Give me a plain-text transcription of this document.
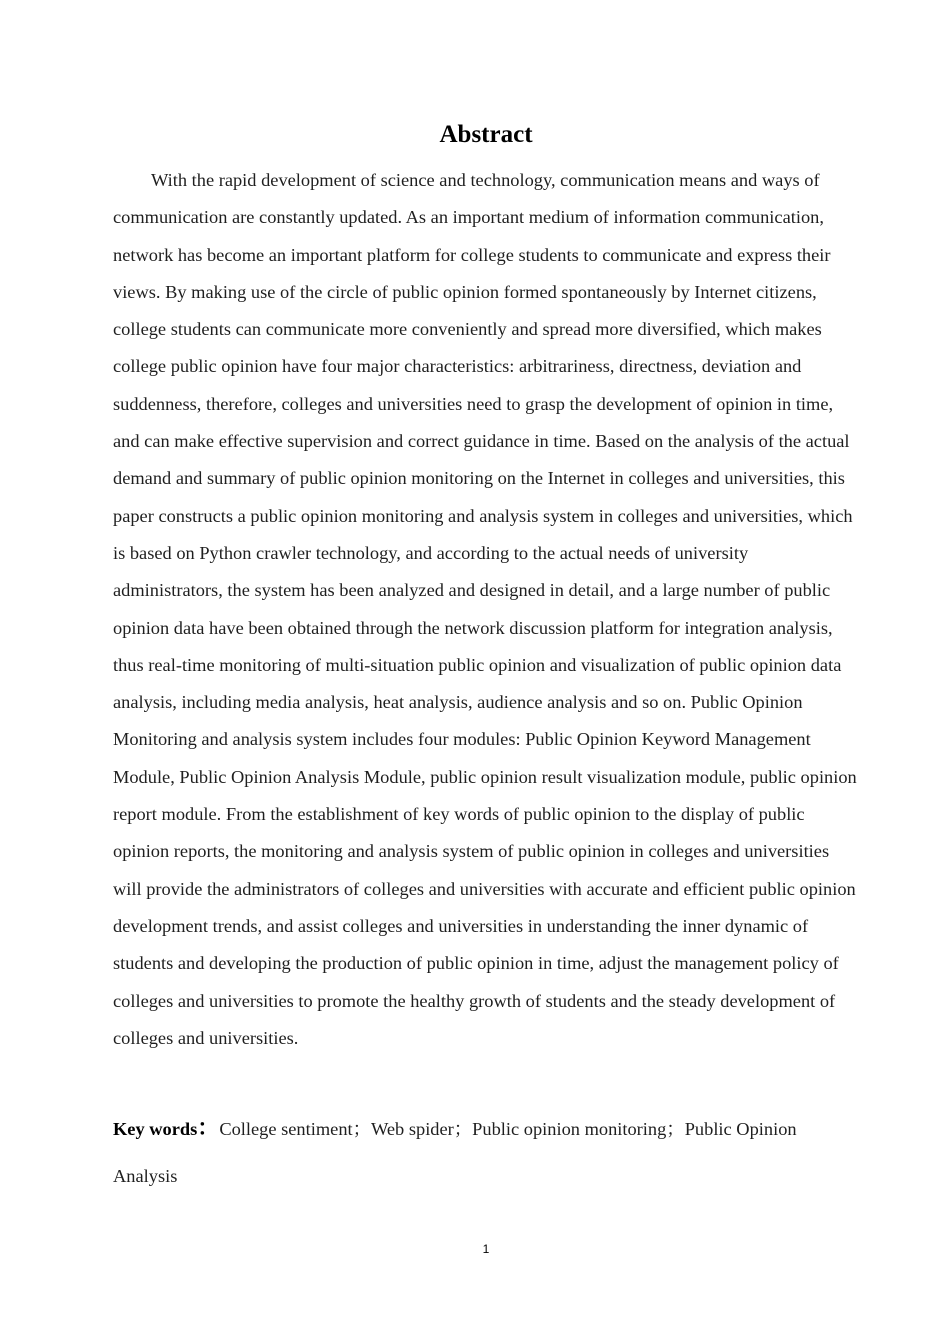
Abstract

With the rapid development of science and technology, communication means and ways of communication are constantly updated. As an important medium of information communication, network has become an important platform for college students to communicate and express their views. By making use of the circle of public opinion formed spontaneously by Internet citizens, college students can communicate more conveniently and spread more diversified, which makes college public opinion have four major characteristics: arbitrariness, directness, deviation and suddenness, therefore, colleges and universities need to grasp the development of opinion in time, and can make effective supervision and correct guidance in time. Based on the analysis of the actual demand and summary of public opinion monitoring on the Internet in colleges and universities, this paper constructs a public opinion monitoring and analysis system in colleges and universities, which is based on Python crawler technology, and according to the actual needs of university administrators, the system has been analyzed and designed in detail, and a large number of public opinion data have been obtained through the network discussion platform for integration analysis, thus real-time monitoring of multi-situation public opinion and visualization of public opinion data analysis, including media analysis, heat analysis, audience analysis and so on. Public Opinion Monitoring and analysis system includes four modules: Public Opinion Keyword Management Module, Public Opinion Analysis Module, public opinion result visualization module, public opinion report module. From the establishment of key words of public opinion to the display of public opinion reports, the monitoring and analysis system of public opinion in colleges and universities will provide the administrators of colleges and universities with accurate and efficient public opinion development trends, and assist colleges and universities in understanding the inner dynamic of students and developing the production of public opinion in time, adjust the management policy of colleges and universities to promote the healthy growth of students and the steady development of colleges and universities.

Key words：College sentiment；Web spider；Public opinion monitoring；Public Opinion Analysis

1
